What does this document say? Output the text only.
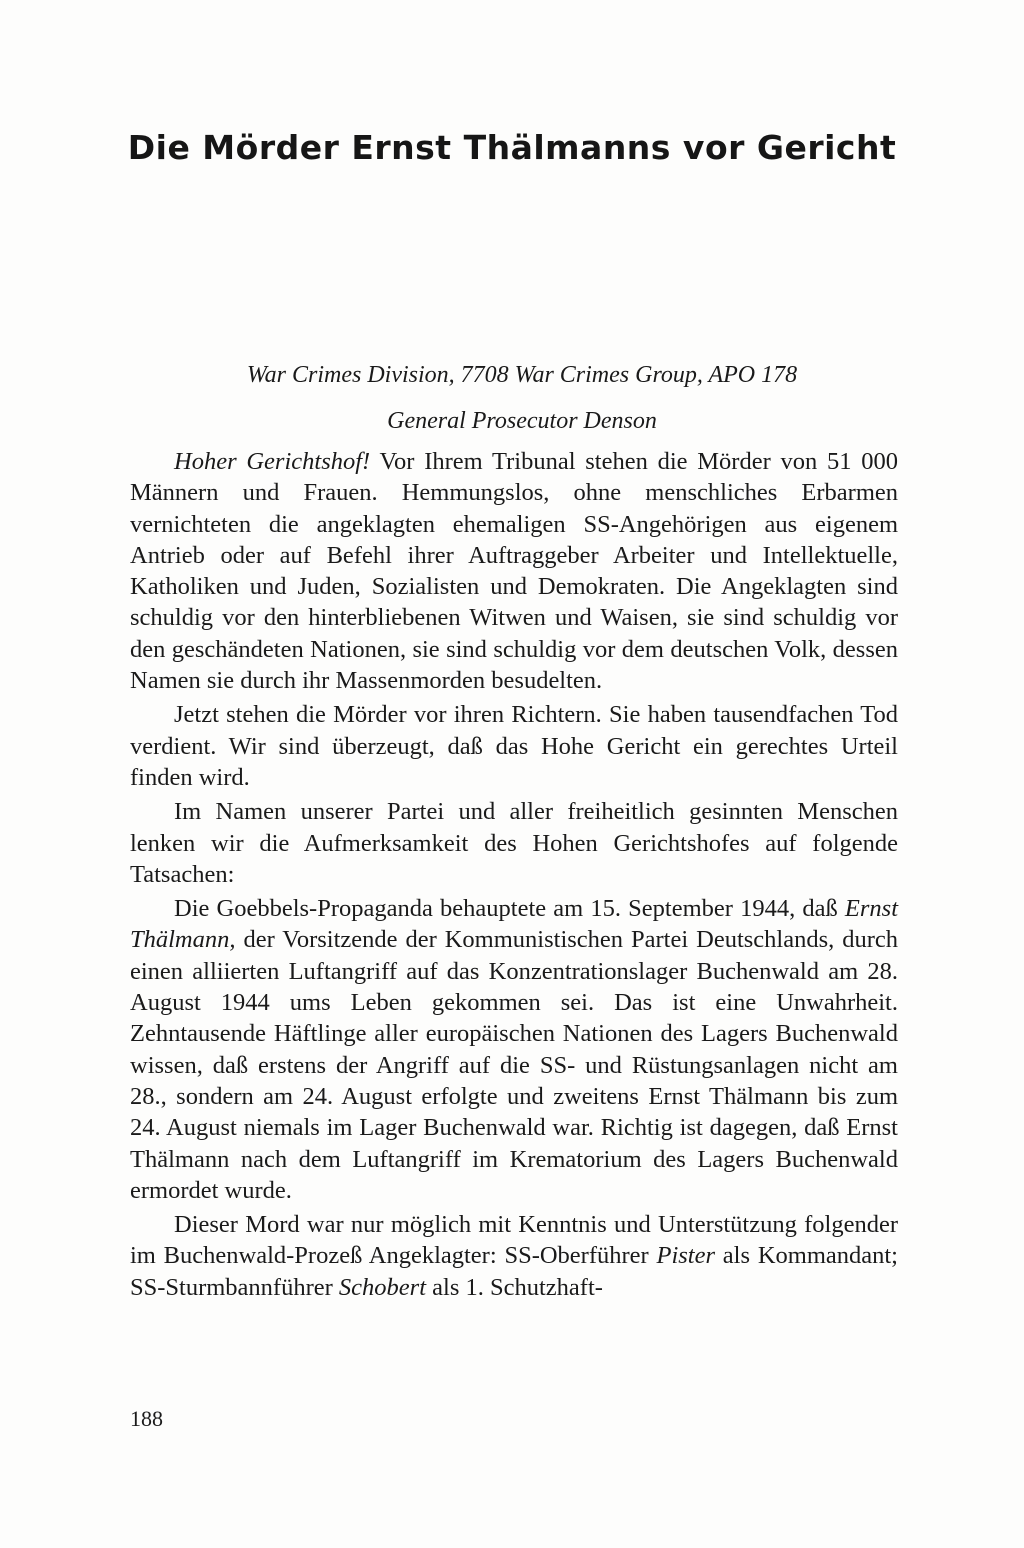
Die Mörder Ernst Thälmanns vor Gericht

War Crimes Division, 7708 War Crimes Group, APO 178

General Prosecutor Denson

Hoher Gerichtshof! Vor Ihrem Tribunal stehen die Mörder von 51 000 Männern und Frauen. Hemmungslos, ohne menschliches Erbarmen vernichteten die angeklagten ehemaligen SS-Angehörigen aus eigenem Antrieb oder auf Befehl ihrer Auftraggeber Arbeiter und Intellektuelle, Katholiken und Juden, Sozialisten und Demokraten. Die Angeklagten sind schuldig vor den hinterbliebenen Witwen und Waisen, sie sind schuldig vor den geschändeten Nationen, sie sind schuldig vor dem deutschen Volk, dessen Namen sie durch ihr Massenmorden besudelten.

Jetzt stehen die Mörder vor ihren Richtern. Sie haben tausendfachen Tod verdient. Wir sind überzeugt, daß das Hohe Gericht ein gerechtes Urteil finden wird.

Im Namen unserer Partei und aller freiheitlich gesinnten Menschen lenken wir die Aufmerksamkeit des Hohen Gerichtshofes auf folgende Tatsachen:

Die Goebbels-Propaganda behauptete am 15. September 1944, daß Ernst Thälmann, der Vorsitzende der Kommunistischen Partei Deutschlands, durch einen alliierten Luftangriff auf das Konzentrationslager Buchenwald am 28. August 1944 ums Leben gekommen sei. Das ist eine Unwahrheit. Zehntausende Häftlinge aller europäischen Nationen des Lagers Buchenwald wissen, daß erstens der Angriff auf die SS- und Rüstungsanlagen nicht am 28., sondern am 24. August erfolgte und zweitens Ernst Thälmann bis zum 24. August niemals im Lager Buchenwald war. Richtig ist dagegen, daß Ernst Thälmann nach dem Luftangriff im Krematorium des Lagers Buchenwald ermordet wurde.

Dieser Mord war nur möglich mit Kenntnis und Unterstützung folgender im Buchenwald-Prozeß Angeklagter: SS-Oberführer Pister als Kommandant; SS-Sturmbannführer Schobert als 1. Schutzhaft-

188
